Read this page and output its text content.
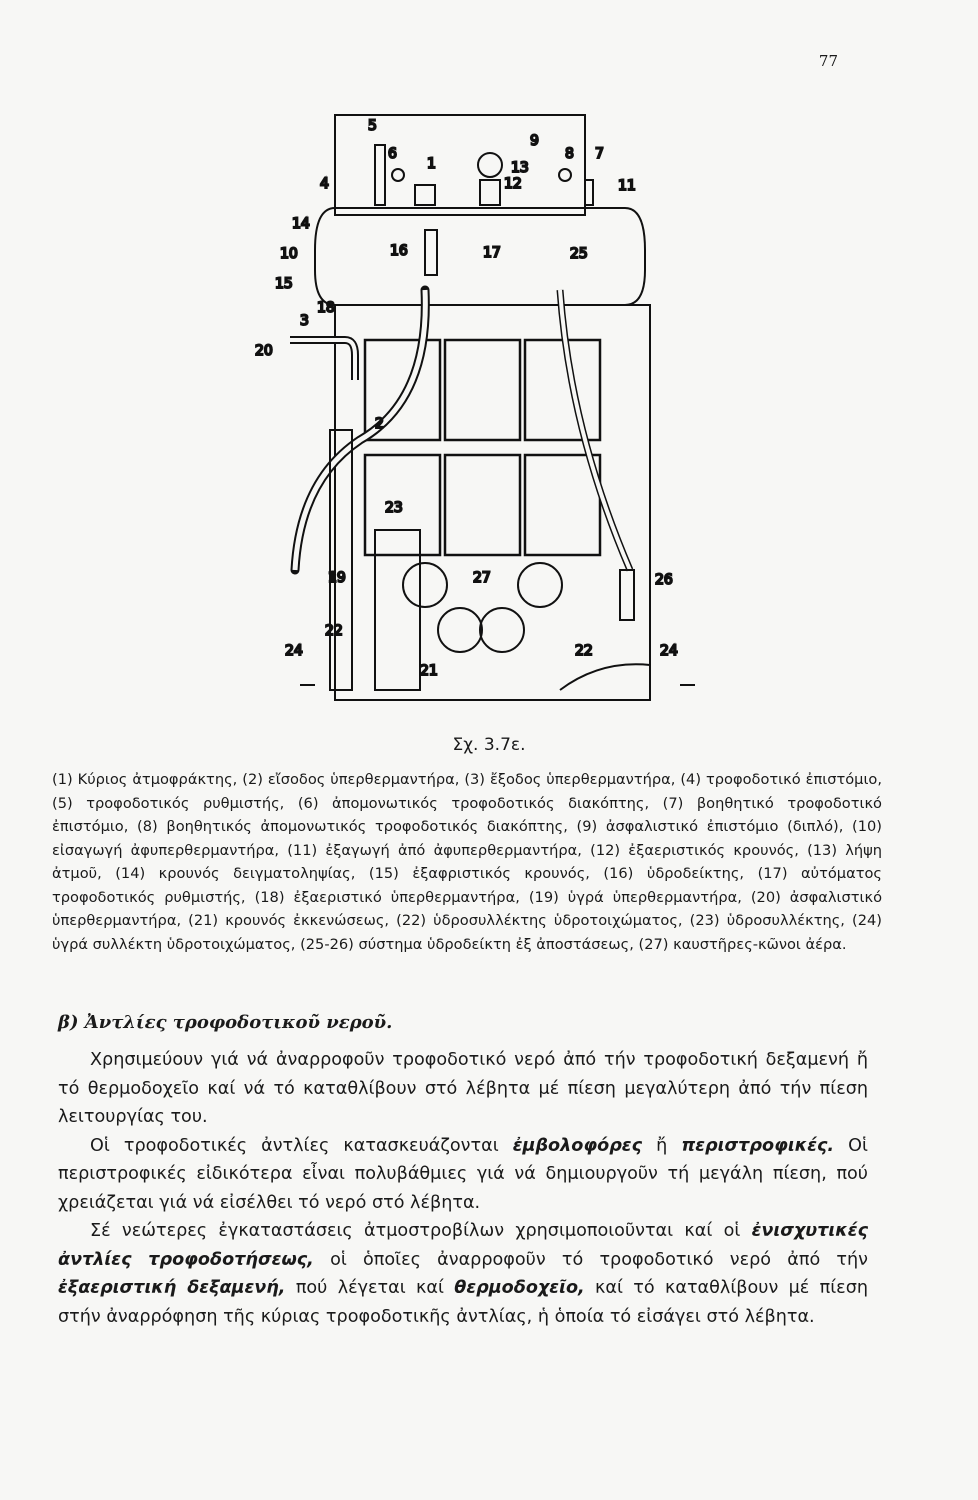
77
5
6
1
4
9
13
12
8 7
11
14
10
15
18
3
20
16	17	25
2
23
19	27	26
22
22
24	24
21
Σχ. 3.7ε.
(1) Κύριος ἀτμοφράκτης, (2) εἴσοδος ὑπερθερμαντήρα, (3) ἔξοδος ὑπερθερμαντήρα, (4) τροφοδοτικό ἐπιστόμιο, (5) τροφοδοτικός ρυθμιστής, (6) ἀπομονωτικός τροφοδοτικός διακόπτης, (7) βοηθητικό τροφοδοτικό ἐπιστόμιο, (8) βοηθητικός ἀπομονωτικός τροφοδοτικός διακόπτης, (9) ἀσφαλιστικό ἐπιστόμιο (διπλό), (10) εἰσαγωγή ἀφυπερθερμαντήρα, (11) ἐξαγωγή ἀπό ἀφυπερθερμαντήρα, (12) ἐξαεριστικός κρουνός, (13) λήψη ἀτμοῦ, (14) κρουνός δειγματοληψίας, (15) ἐξαφριστικός κρουνός, (16) ὑδροδείκτης, (17) αὐτόματος τροφοδοτικός ρυθμιστής, (18) ἐξαεριστικό ὑπερθερμαντήρα, (19) ὑγρά ὑπερθερμαντήρα, (20) ἀσφαλιστικό ὑπερθερμαντήρα, (21) κρουνός ἐκκενώσεως, (22) ὑδροσυλλέκτης ὑδροτοιχώματος, (23) ὑδροσυλλέκτης, (24) ὑγρά συλλέκτη ὑδροτοιχώματος, (25-26) σύστημα ὑδροδείκτη ἐξ ἀποστάσεως, (27) καυστῆρες-κῶνοι ἀέρα.
β) Ἀντλίες τροφοδοτικοῦ νεροῦ.

Χρησιμεύουν γιά νά ἀναρροφοῦν τροφοδοτικό νερό ἀπό τήν τροφοδοτική δεξαμενή ἤ τό θερμοδοχεῖο καί νά τό καταθλίβουν στό λέβητα μέ πίεση μεγαλύτερη ἀπό τήν πίεση λειτουργίας του.

Οἱ τροφοδοτικές ἀντλίες κατασκευάζονται ἐμβολοφόρες ἤ περιστροφικές. Οἱ περιστροφικές εἰδικότερα εἶναι πολυβάθμιες γιά νά δημιουργοῦν τή μεγάλη πίεση, πού χρειάζεται γιά νά εἰσέλθει τό νερό στό λέβητα.

Σέ νεώτερες ἐγκαταστάσεις ἀτμοστροβίλων χρησιμοποιοῦνται καί οἱ ἐνισχυτικές ἀντλίες τροφοδοτήσεως, οἱ ὁποῖες ἀναρροφοῦν τό τροφοδοτικό νερό ἀπό τήν ἐξαεριστική δεξαμενή, πού λέγεται καί θερμοδοχεῖο, καί τό καταθλίβουν μέ πίεση στήν ἀναρρόφηση τῆς κύριας τροφοδοτικῆς ἀντλίας, ἡ ὁποία τό εἰσάγει στό λέβητα.
